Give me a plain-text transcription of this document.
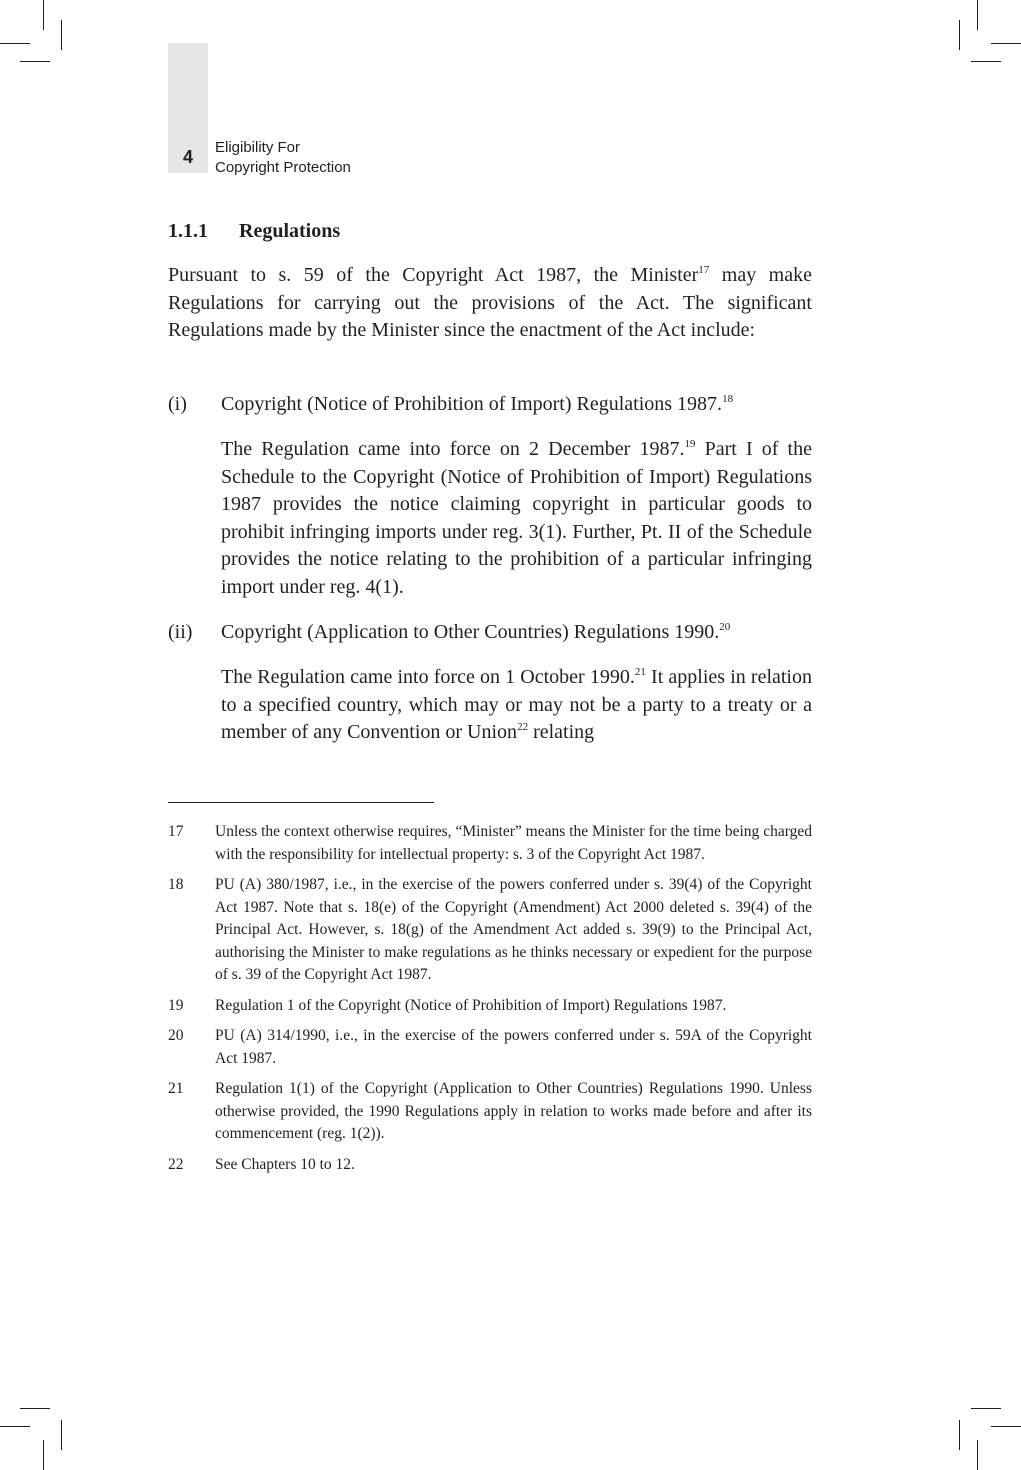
4	Eligibility For
Copyright Protection
1.1.1 Regulations

Pursuant to s. 59 of the Copyright Act 1987, the Minister$^{17}$ may make Regulations for carrying out the provisions of the Act. The significant Regulations made by the Minister since the enactment of the Act include:

(i) Copyright (Notice of Prohibition of Import) Regulations 1987.18

The Regulation came into force on 2 December 1987.19 Part I of the Schedule to the Copyright (Notice of Prohibition of Import) Regulations 1987 provides the notice claiming copyright in particular goods to prohibit infringing imports under reg. 3(1). Further, Pt. II of the Schedule provides the notice relating to the prohibition of a particular infringing import under reg. 4(1).

(ii) Copyright (Application to Other Countries) Regulations 1990.20

The Regulation came into force on 1 October 1990.21 It applies in relation to a specified country, which may or may not be a party to a treaty or a member of any Convention or Union$^{22}$ relating

17 Unless the context otherwise requires, “Minister” means the Minister for the time being charged with the responsibility for intellectual property: s. 3 of the Copyright Act 1987.

18 PU (A) 380/1987, i.e., in the exercise of the powers conferred under s. 39(4) of the Copyright Act 1987. Note that s. 18(e) of the Copyright (Amendment) Act 2000 deleted s. 39(4) of the Principal Act. However, s. 18(g) of the Amendment Act added s. 39(9) to the Principal Act, authorising the Minister to make regulations as he thinks necessary or expedient for the purpose of s. 39 of the Copyright Act 1987.

19 Regulation 1 of the Copyright (Notice of Prohibition of Import) Regulations 1987.

20 PU (A) 314/1990, i.e., in the exercise of the powers conferred under s. 59A of the Copyright Act 1987.

21 Regulation 1(1) of the Copyright (Application to Other Countries) Regulations 1990. Unless otherwise provided, the 1990 Regulations apply in relation to works made before and after its commencement (reg. 1(2)).

22 See Chapters 10 to 12.
